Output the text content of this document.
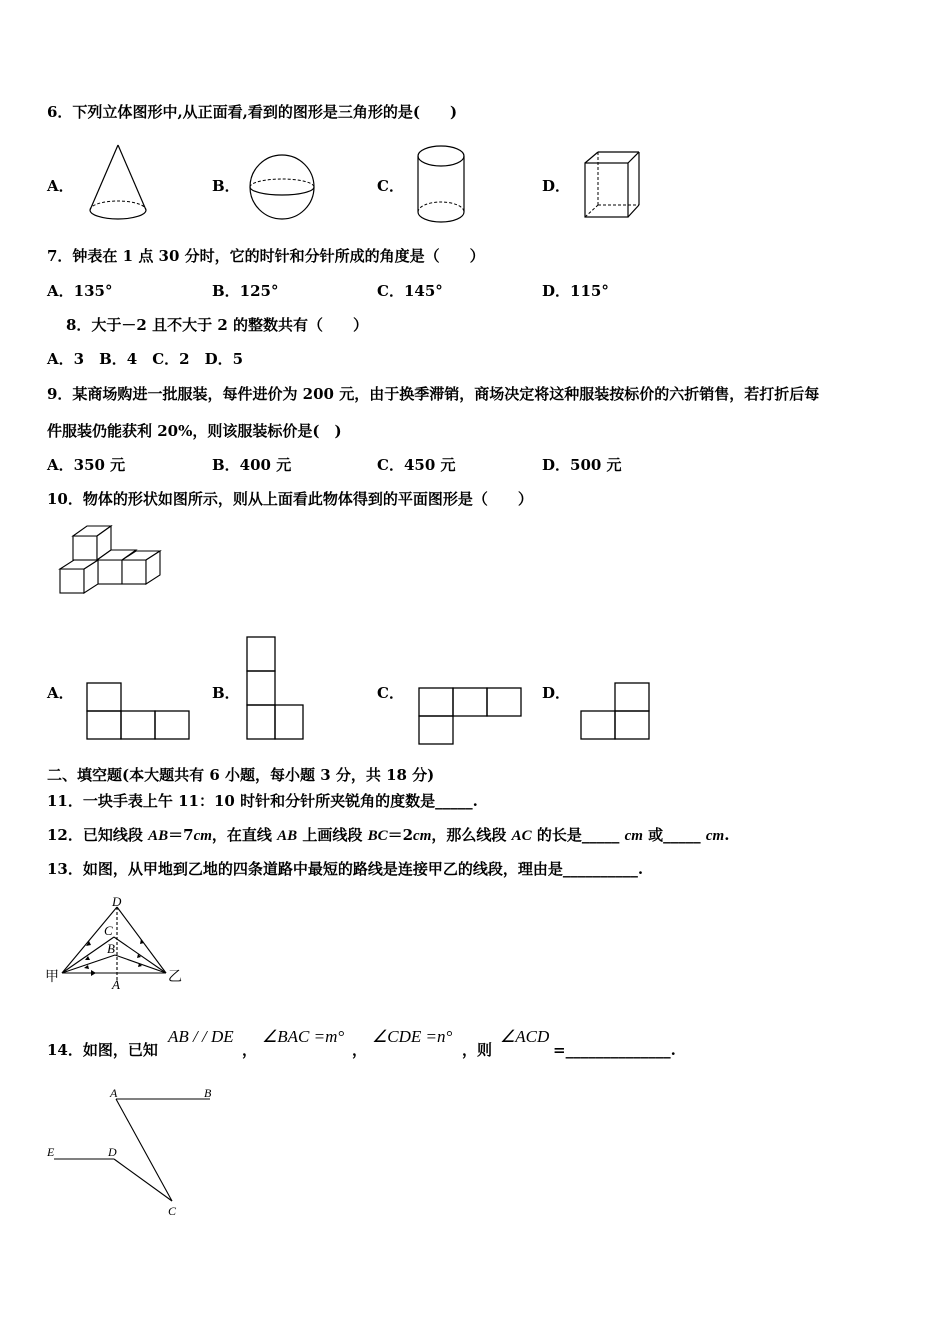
6．下列立体图形中,从正面看,看到的图形是三角形的是(　　)
A．	B．	C．	D．
7．钟表在 1 点 30 分时，它的时针和分针所成的角度是（　　）
A．135°	B．125°	C．145°	D．115°
8．大于－2 且不大于 2 的整数共有（　　）
A．3　B．4　C．2　D．5
9．某商场购进一批服装，每件进价为 200 元，由于换季滞销，商场决定将这种服装按标价的六折销售，若打折后每
件服装仍能获利 20%，则该服装标价是(　)
A．350 元	B．400 元	C．450 元	D．500 元
10．物体的形状如图所示，则从上面看此物体得到的平面图形是（　　）
A．	B．	C．	D．
二、填空题(本大题共有 6 小题，每小题 3 分，共 18 分)
11．一块手表上午 11：10 时针和分针所夹锐角的度数是_____.
12．已知线段 AB＝7cm，在直线 AB 上画线段 BC＝2cm，那么线段 AC 的长是_____ cm 或_____ cm.
13．如图，从甲地到乙地的四条道路中最短的路线是连接甲乙的线段，理由是__________.
D
C
B
A
甲	乙
14．如图，已知
AB / / DE
，
∠BAC =m°
，
∠CDE =n°
，则
∠ACD
=______________.
A	B
E	D
C
